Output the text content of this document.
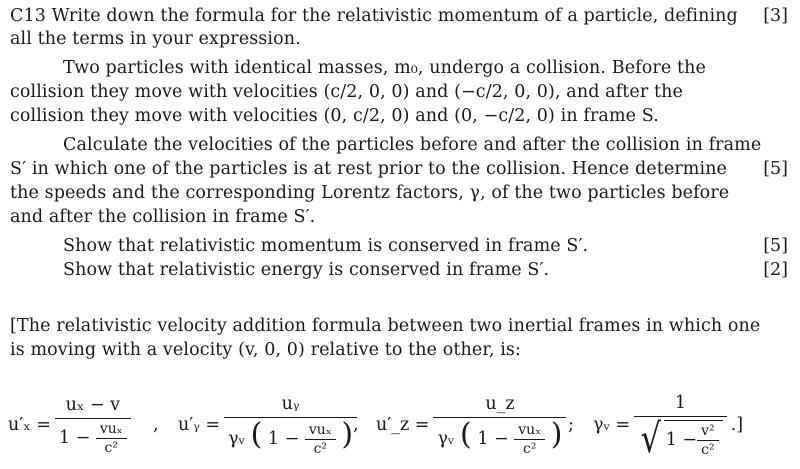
C13 Write down the formula for the relativistic momentum of a particle, defining [3]
all the terms in your expression.
Two particles with identical masses, m₀, undergo a collision. Before the
collision they move with velocities (c/2, 0, 0) and (−c/2, 0, 0), and after the
collision they move with velocities (0, c/2, 0) and (0, −c/2, 0) in frame S.
Calculate the velocities of the particles before and after the collision in frame
S′ in which one of the particles is at rest prior to the collision. Hence determine [5]
the speeds and the corresponding Lorentz factors, γ, of the two particles before
and after the collision in frame S′.
Show that relativistic momentum is conserved in frame S′.	[5]
Show that relativistic energy is conserved in frame S′.	[2]
[The relativistic velocity addition formula between two inertial frames in which one
is moving with a velocity (v, 0, 0) relative to the other, is:
u′ₓ = uₓ − v
1 − vuₓ
c² , u′ᵧ =
uᵧ
γᵥ ( 1 − vuₓ
c² ) , u′_z =
u_z
γᵥ ( 1 − vuₓ
c² ) ; γᵥ =
1
√ 1 − v²
c²
.]
